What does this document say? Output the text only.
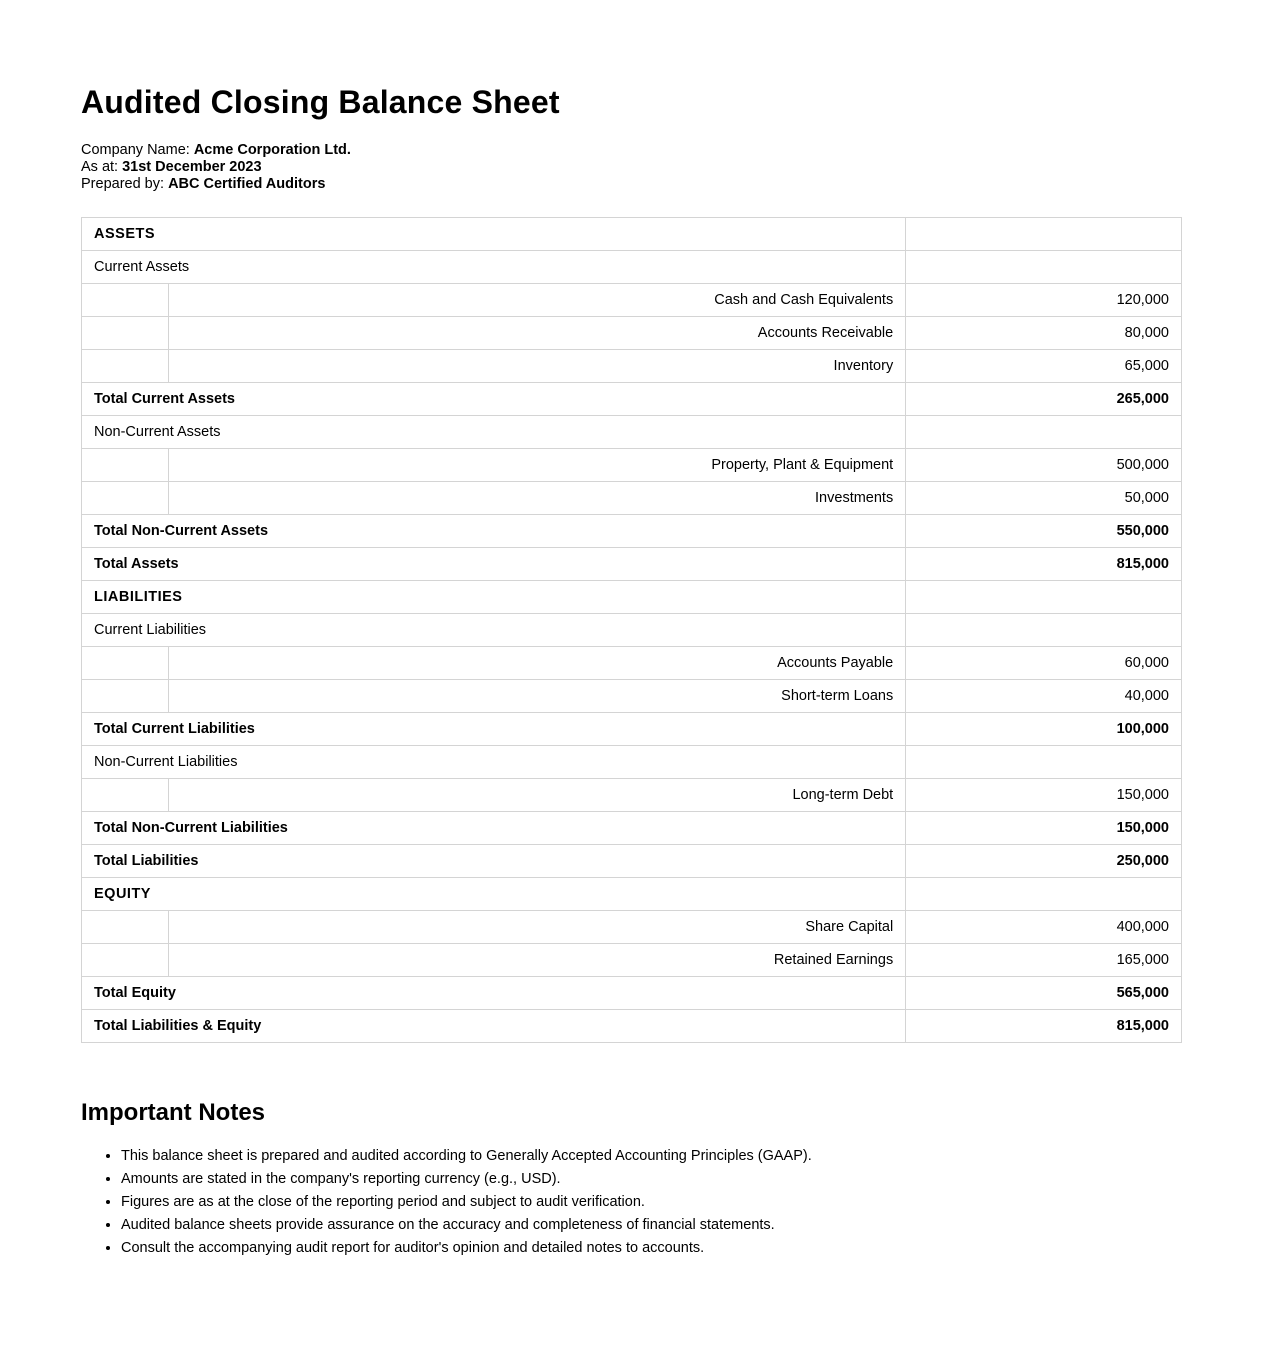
Audited Closing Balance Sheet
Company Name: Acme Corporation Ltd.
As at: 31st December 2023
Prepared by: ABC Certified Auditors
ASSETS		
Current Assets		
	Cash and Cash Equivalents	120,000
	Accounts Receivable	80,000
	Inventory	65,000
Total Current Assets		265,000
Non-Current Assets		
	Property, Plant & Equipment	500,000
	Investments	50,000
Total Non-Current Assets		550,000
Total Assets		815,000
LIABILITIES		
Current Liabilities		
	Accounts Payable	60,000
	Short-term Loans	40,000
Total Current Liabilities		100,000
Non-Current Liabilities		
	Long-term Debt	150,000
Total Non-Current Liabilities		150,000
Total Liabilities		250,000
EQUITY		
	Share Capital	400,000
	Retained Earnings	165,000
Total Equity		565,000
Total Liabilities & Equity		815,000
Important Notes
• This balance sheet is prepared and audited according to Generally Accepted Accounting Principles (GAAP).
• Amounts are stated in the company's reporting currency (e.g., USD).
• Figures are as at the close of the reporting period and subject to audit verification.
• Audited balance sheets provide assurance on the accuracy and completeness of financial statements.
• Consult the accompanying audit report for auditor's opinion and detailed notes to accounts.
